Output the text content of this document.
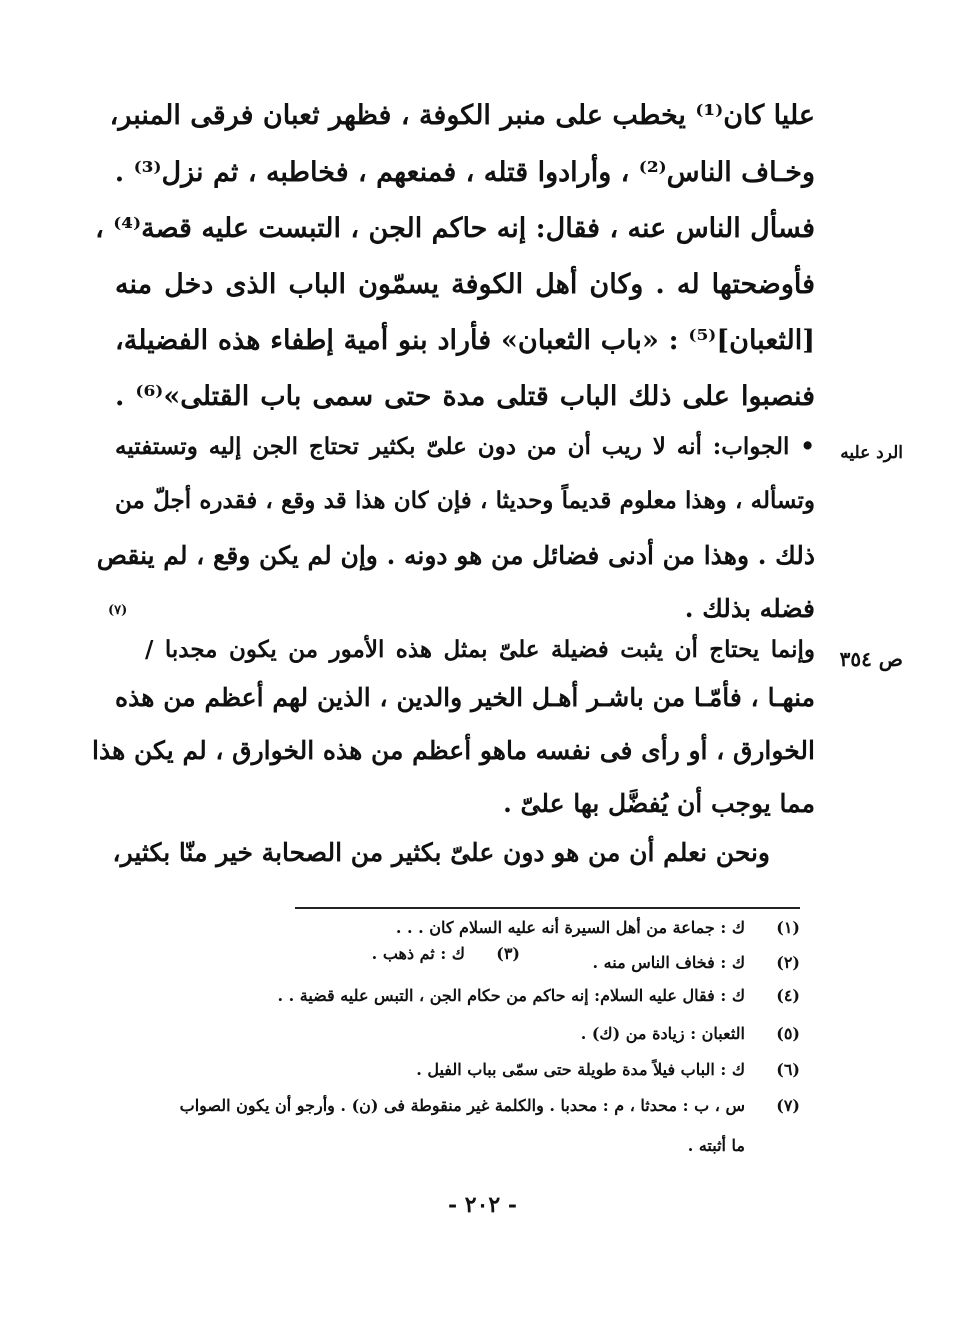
عليا كان⁽¹⁾ يخطب على منبر الكوفة ، فظهر ثعبان فرقى المنبر،
وخـاف الناس⁽²⁾ ، وأرادوا قتله ، فمنعهم ، فخاطبه ، ثم نزل⁽³⁾ .
فسأل الناس عنه ، فقال: إنه حاكم الجن ، التبست عليه قصة⁽⁴⁾ ،
فأوضحتها له . وكان أهل الكوفة يسمّون الباب الذى دخل منه
[الثعبان]⁽⁵⁾ : «باب الثعبان» فأراد بنو أمية إطفاء هذه الفضيلة،
فنصبوا على ذلك الباب قتلى مدة حتى سمى باب القتلى»⁽⁶⁾ .
• الجواب: أنه لا ريب أن من دون علىّ بكثير تحتاج الجن إليه وتستفتيه
وتسأله ، وهذا معلوم قديماً وحديثا ، فإن كان هذا قد وقع ، فقدره أجلّ من
ذلك . وهذا من أدنى فضائل من هو دونه . وإن لم يكن وقع ، لم ينقص
فضله بذلك .
وإنما يحتاج أن يثبت فضيلة علىّ بمثل هذه الأمور من يكون مجدبا /
منهـا ، فأمّـا من باشـر أهـل الخير والدين ، الذين لهم أعظم من هذه
الخوارق ، أو رأى فى نفسه ماهو أعظم من هذه الخوارق ، لم يكن هذا
مما يوجب أن يُفضَّل بها علىّ .
ونحن نعلم أن من هو دون علىّ بكثير من الصحابة خير منّا بكثير،
(٧)
الرد عليه
ص ٣٥٤
(١)
ك : جماعة من أهل السيرة أنه عليه السلام كان . . .
(٢)
ك : فخاف الناس منه .
(٣)
ك : ثم ذهب .
(٤)
ك : فقال عليه السلام: إنه حاكم من حكام الجن ، التبس عليه قضية . .
(٥)
الثعبان : زيادة من (ك) .
(٦)
ك : الباب فيلاً مدة طويلة حتى سمّى بباب الفيل .
(٧)
س ، ب : محدثا ، م : محدبا . والكلمة غير منقوطة فى (ن) . وأرجو أن يكون الصواب
ما أثبته .
- ٢٠٢ -
